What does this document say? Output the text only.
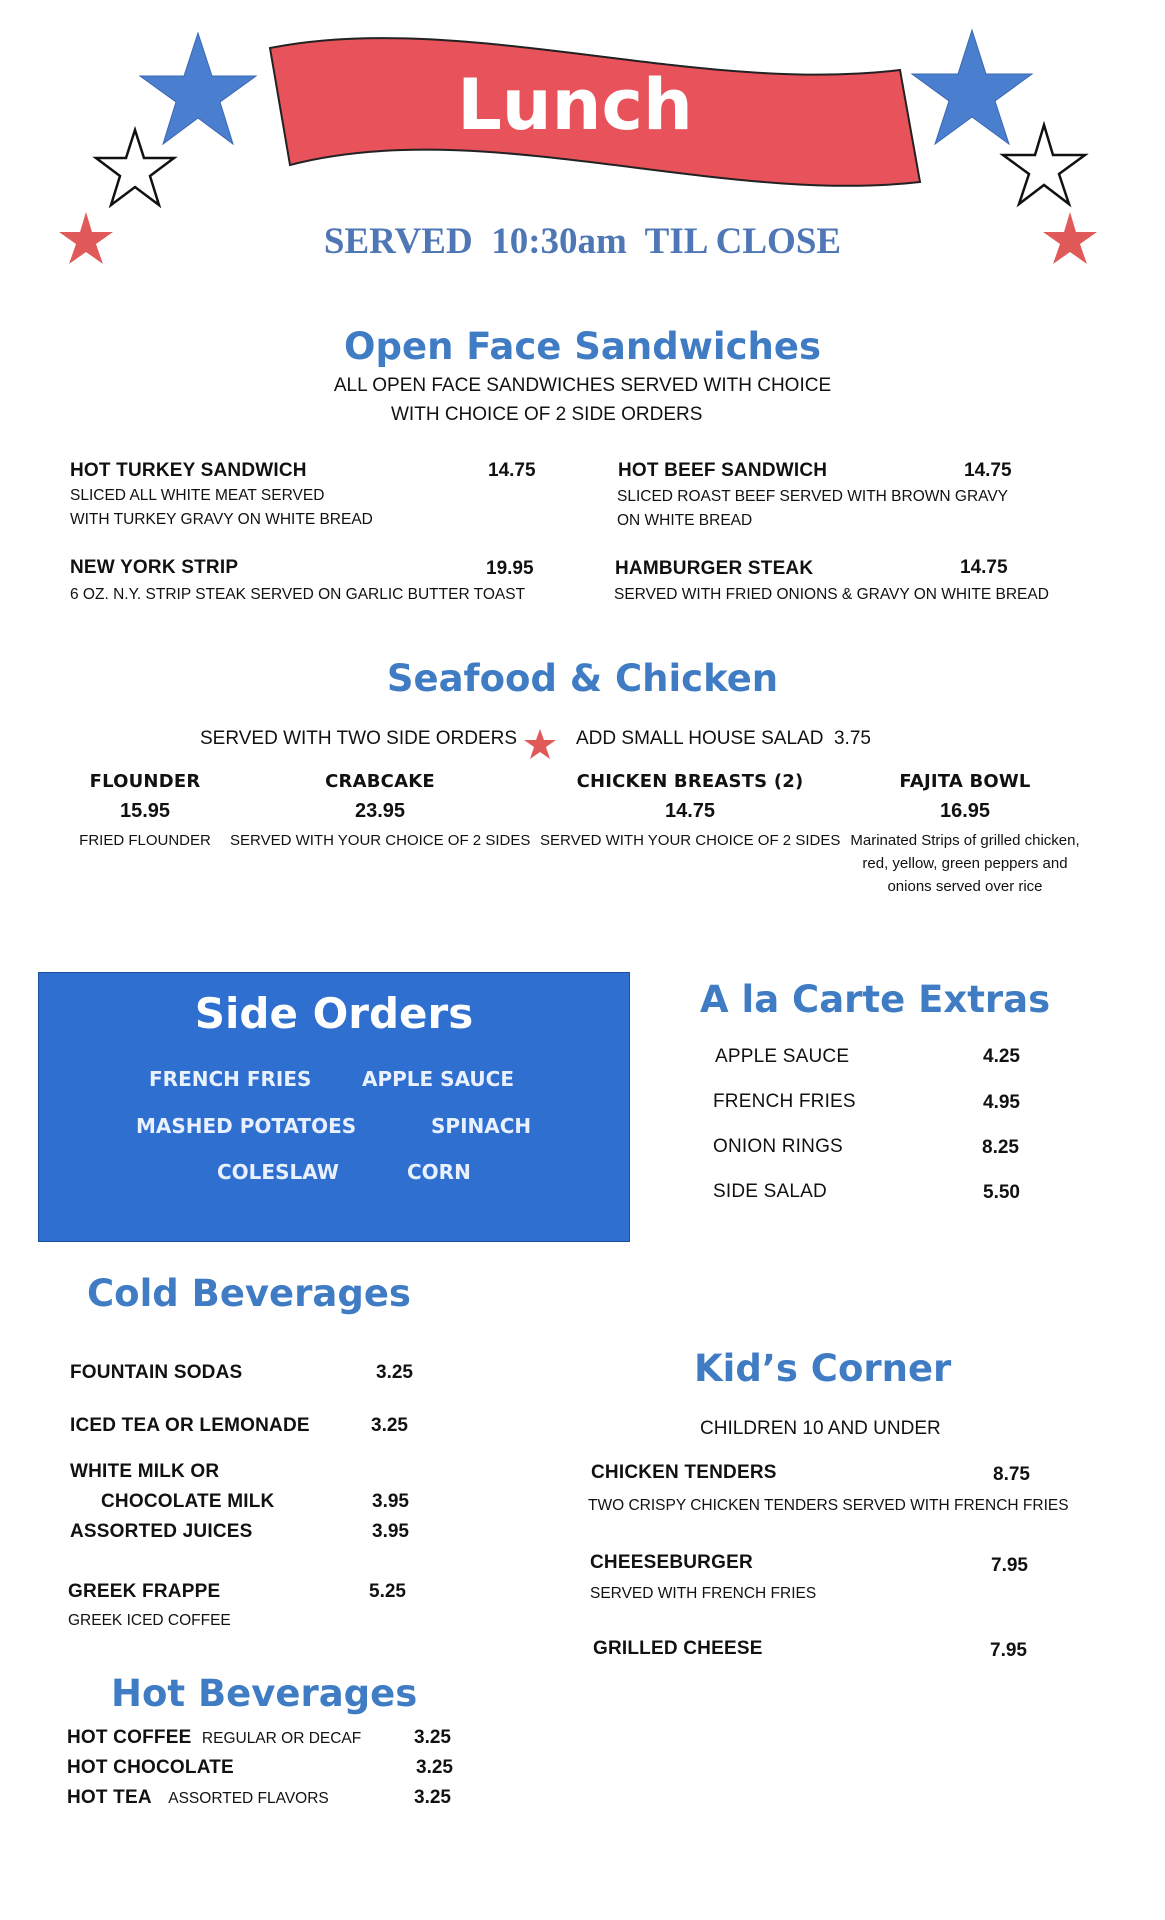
Lunch
SERVED  10:30am  TIL CLOSE
Open Face Sandwiches
ALL OPEN FACE SANDWICHES SERVED WITH CHOICE
WITH CHOICE OF 2 SIDE ORDERS
HOT TURKEY SANDWICH	14.75
SLICED ALL WHITE MEAT SERVED
WITH TURKEY GRAVY ON WHITE BREAD
HOT BEEF SANDWICH	14.75
SLICED ROAST BEEF SERVED WITH BROWN GRAVY
ON WHITE BREAD
NEW YORK STRIP	19.95
6 OZ. N.Y. STRIP STEAK SERVED ON GARLIC BUTTER TOAST
HAMBURGER STEAK	14.75
SERVED WITH FRIED ONIONS & GRAVY ON WHITE BREAD
Seafood & Chicken
SERVED WITH TWO SIDE ORDERS	ADD SMALL HOUSE SALAD  3.75
FLOUNDER
15.95
FRIED FLOUNDER
CRABCAKE
23.95
SERVED WITH YOUR CHOICE OF 2 SIDES
CHICKEN BREASTS (2)
14.75
SERVED WITH YOUR CHOICE OF 2 SIDES
FAJITA BOWL
16.95
Marinated Strips of grilled chicken,
red, yellow, green peppers and
onions served over rice
Side Orders
FRENCH FRIES	APPLE SAUCE
MASHED POTATOES	SPINACH
COLESLAW	CORN
A la Carte Extras
APPLE SAUCE	4.25
FRENCH FRIES	4.95
ONION RINGS	8.25
SIDE SALAD	5.50
Cold Beverages
FOUNTAIN SODAS	3.25
ICED TEA OR LEMONADE	3.25
WHITE MILK OR
CHOCOLATE MILK	3.95
ASSORTED JUICES	3.95
GREEK FRAPPE	5.25
GREEK ICED COFFEE
Hot Beverages
HOT COFFEE REGULAR OR DECAF	3.25
HOT CHOCOLATE	3.25
HOT TEA ASSORTED FLAVORS	3.25
Kid’s Corner
CHILDREN 10 AND UNDER
CHICKEN TENDERS	8.75
TWO CRISPY CHICKEN TENDERS SERVED WITH FRENCH FRIES
CHEESEBURGER	7.95
SERVED WITH FRENCH FRIES
GRILLED CHEESE	7.95
